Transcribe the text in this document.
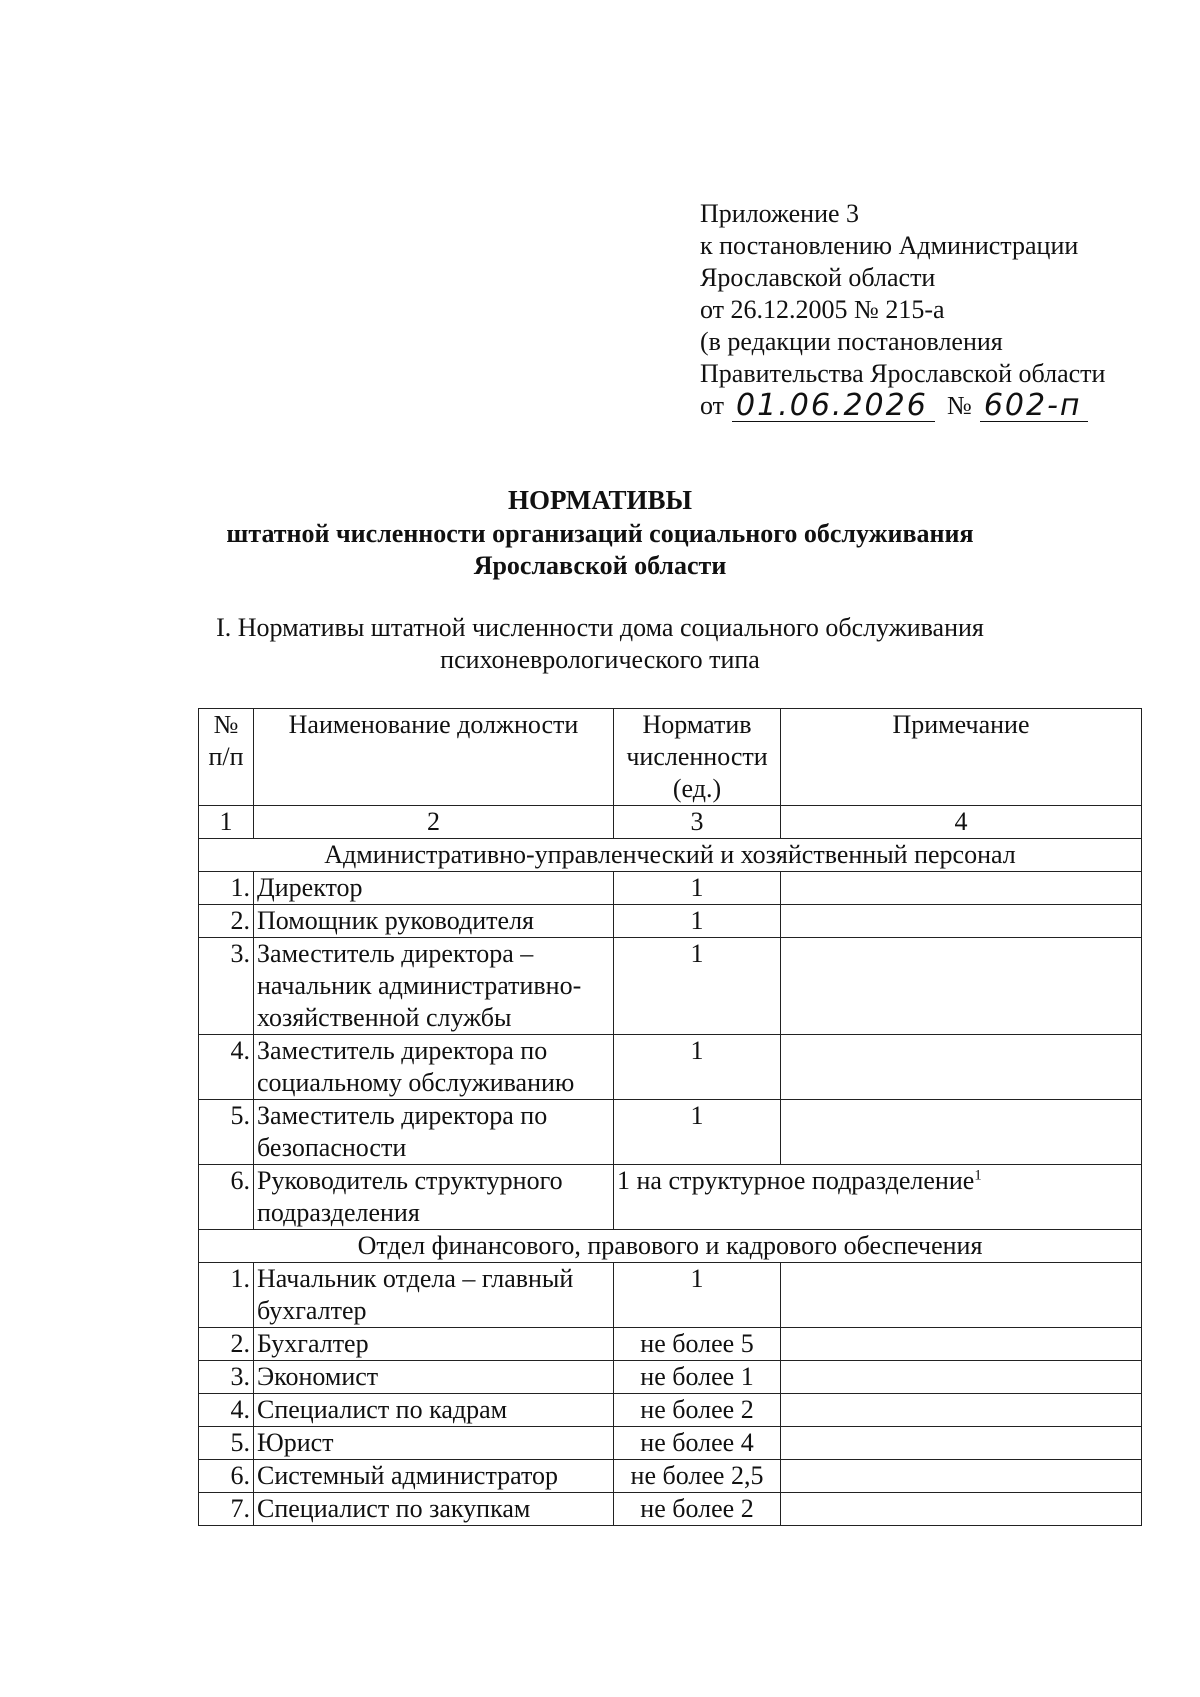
Приложение 3
к постановлению Администрации
Ярославской области
от 26.12.2005 № 215-а
(в редакции постановления
Правительства Ярославской области
от 01.06.2026 № 602-п
НОРМАТИВЫ
штатной численности организаций социального обслуживания
Ярославской области
I. Нормативы штатной численности дома социального обслуживания
психоневрологического типа
№ п/п	Наименование должности	Норматив численности (ед.)	Примечание
1	2	3	4
Административно-управленческий и хозяйственный персонал			
1.	Директор	1	
2.	Помощник руководителя	1	
3.	Заместитель директора – начальник административно-хозяйственной службы	1	
4.	Заместитель директора по социальному обслуживанию	1	
5.	Заместитель директора по безопасности	1	
6.	Руководитель структурного подразделения	1 на структурное подразделение$^1$
Отдел финансового, правового и кадрового обеспечения			
1.	Начальник отдела – главный бухгалтер	1	
2.	Бухгалтер	не более 5	
3.	Экономист	не более 1	
4.	Специалист по кадрам	не более 2	
5.	Юрист	не более 4	
6.	Системный администратор	не более 2,5	
7.	Специалист по закупкам	не более 2	
